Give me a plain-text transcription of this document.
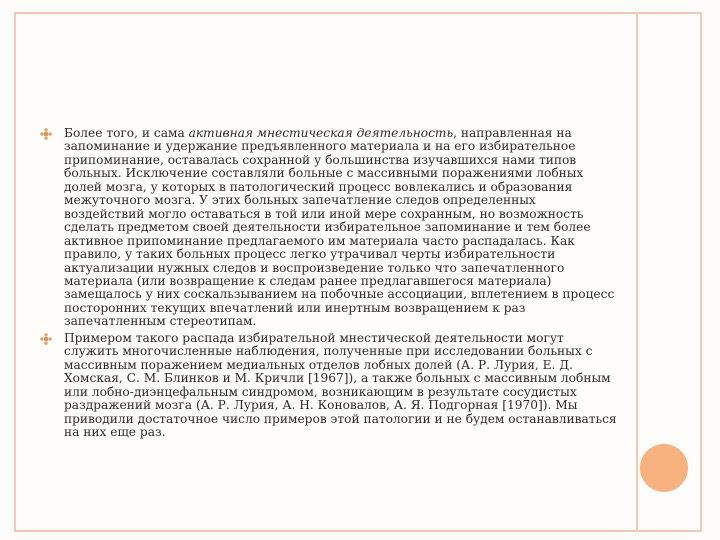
Более того, и сама активная мнестическая деятельность, направленная на запоминание и удержание предъявленного материала и на его избирательное припоминание, оставалась сохранной у большинства изучавшихся нами типов больных. Исключение составляли больные с массивными поражениями лобных долей мозга, у которых в патологический процесс вовлекались и образования межуточного мозга. У этих больных запечатление следов определенных воздействий могло оставаться в той или иной мере сохранным, но возможность сделать предметом своей деятельности избирательное запоминание и тем более активное припоминание предлагаемого им материала часто распадалась. Как правило, у таких больных процесс легко утрачивал черты избирательности актуализации нужных следов и воспроизведение только что запечатленного материала (или возвращение к следам ранее предлагавшегося материала) замещалось у них соскальзыванием на побочные ассоциации, вплетением в процесс посторонних текущих впечатлений или инертным возвращением к раз запечатленным стереотипам.
Примером такого распада избирательной мнестической деятельности могут служить многочисленные наблюдения, полученные при исследовании больных с массивным поражением медиальных отделов лобных долей (А. Р. Лурия, Е. Д. Хомская, С. М. Блинков и М. Кричли [1967]), а также больных с массивным лобным или лобно-диэнцефальным синдромом, возникающим в результате сосудистых раздражений мозга (А. Р. Лурия, А. Н. Коновалов, А. Я. Подгорная [1970]). Мы приводили достаточное число примеров этой патологии и не будем останавливаться на них еще раз.
